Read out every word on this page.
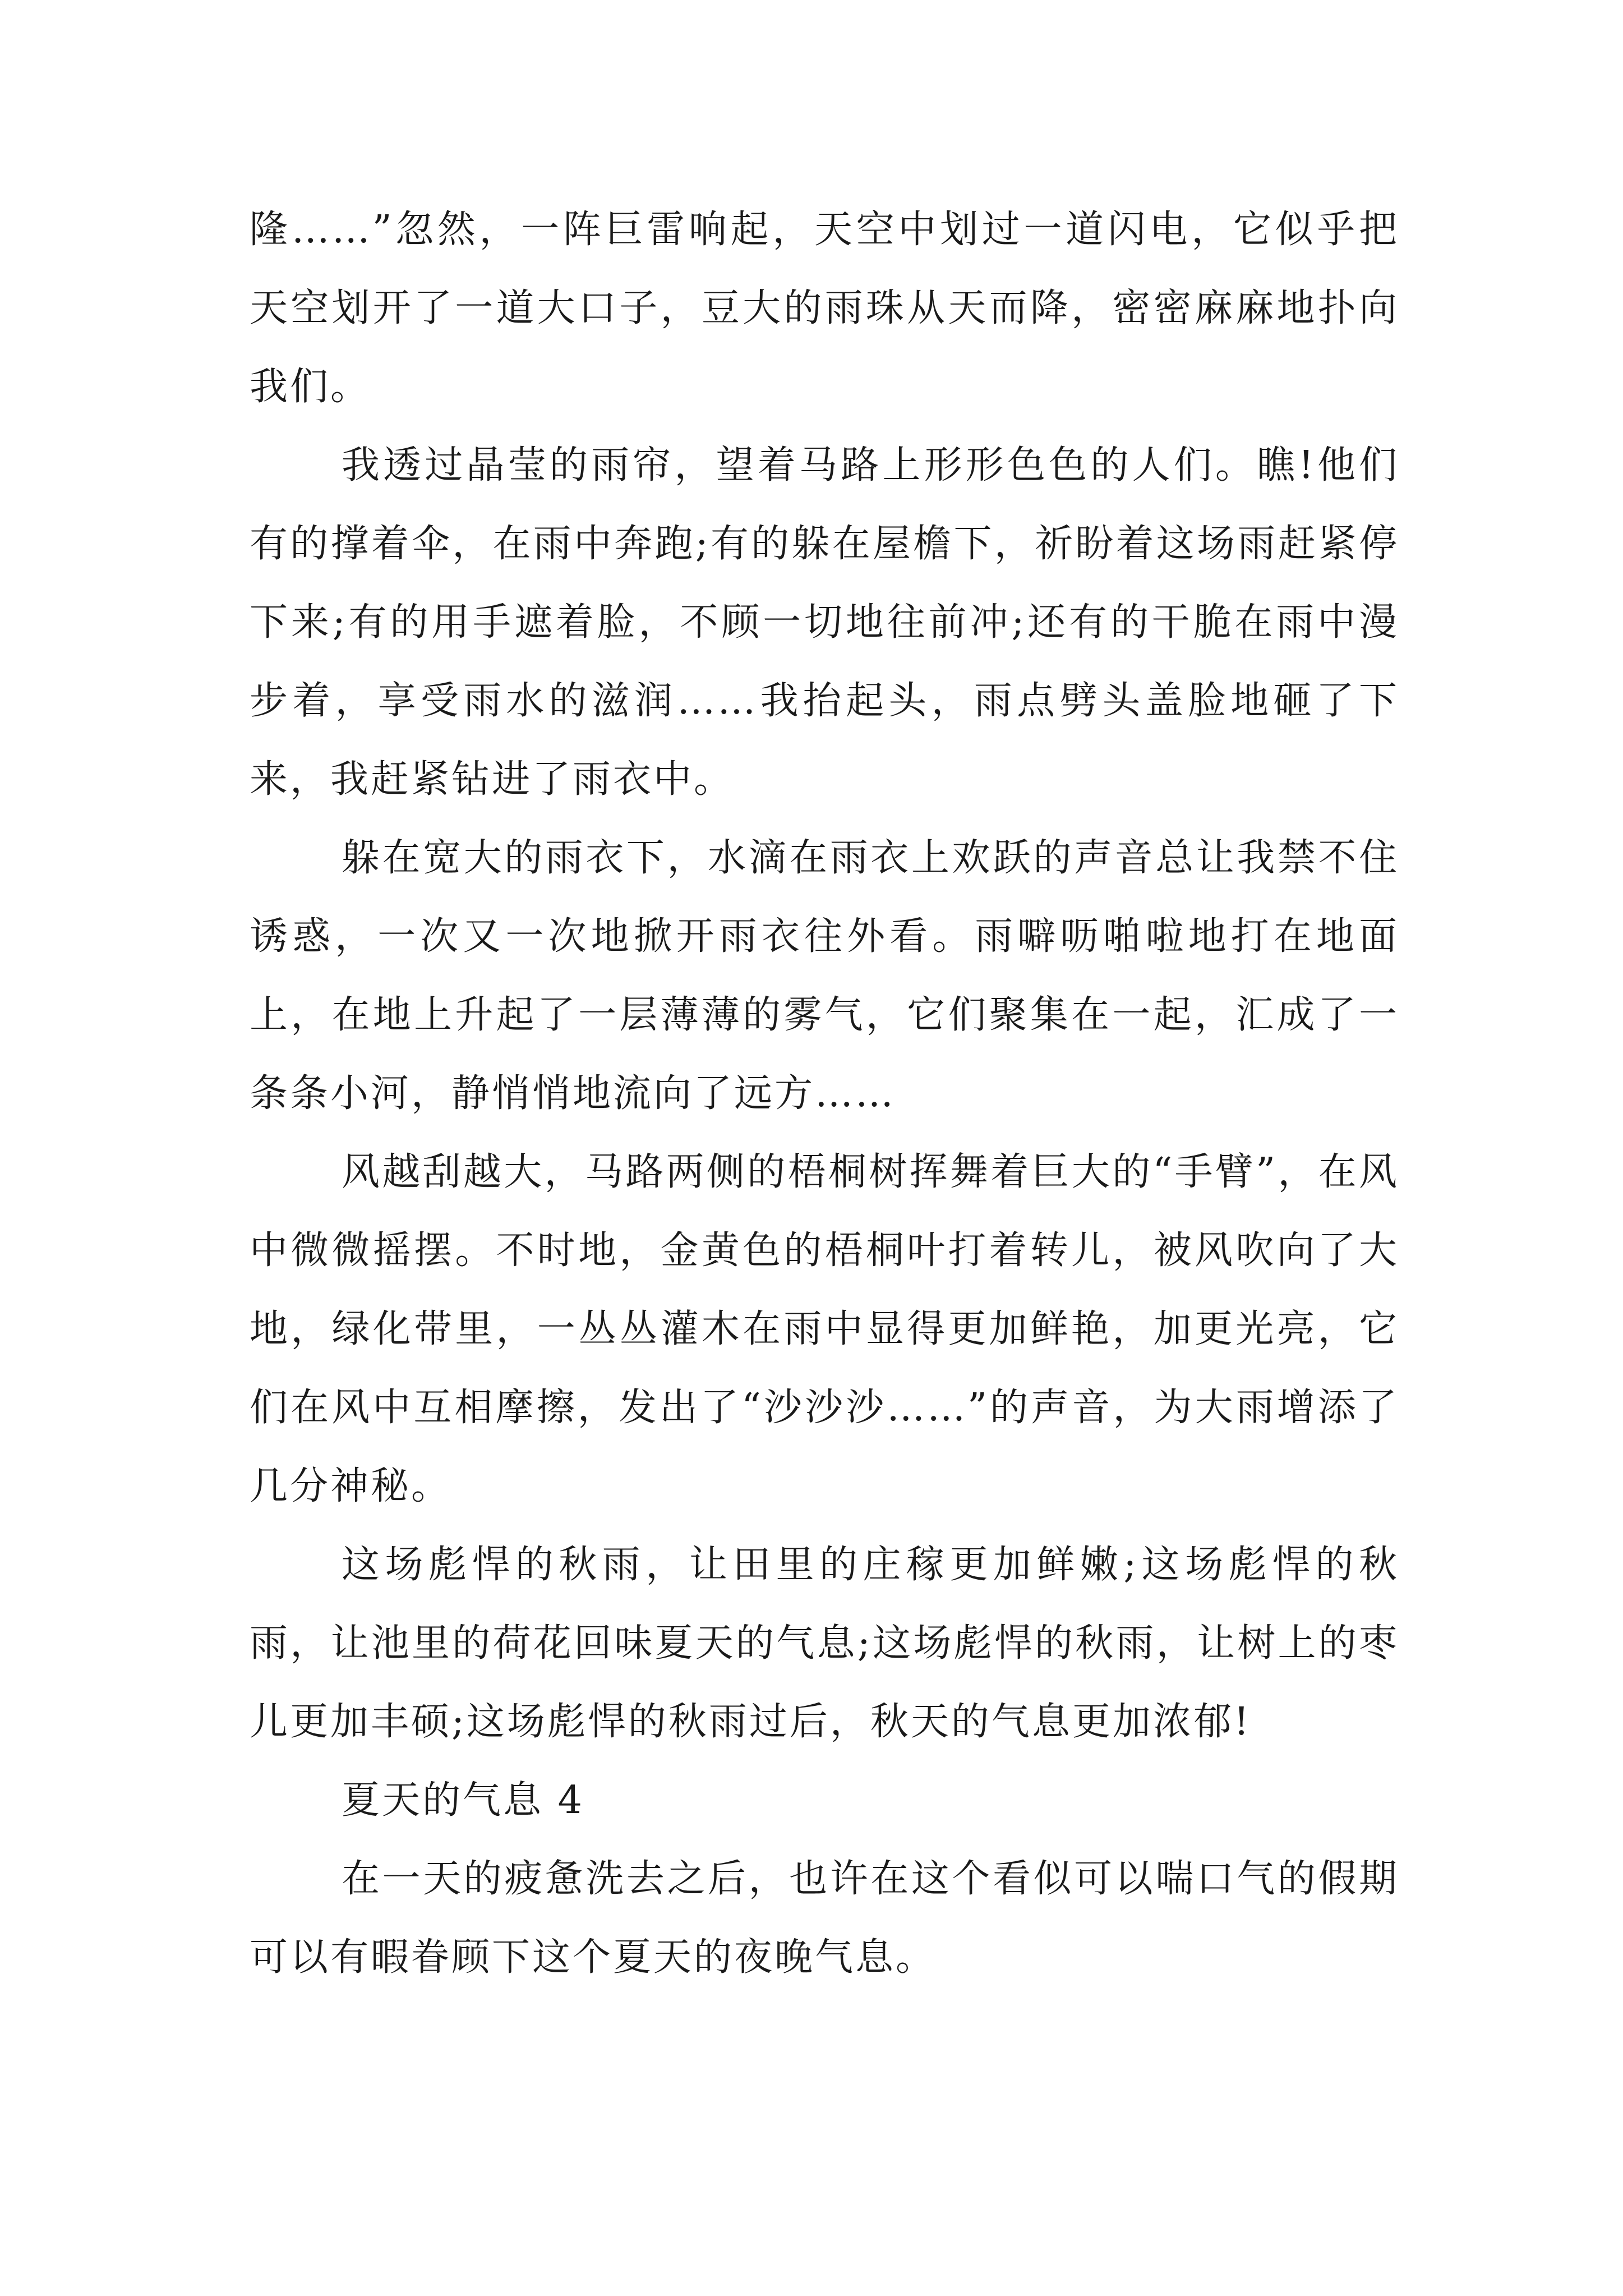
隆……”忽然，一阵巨雷响起，天空中划过一道闪电，它似乎把天空划开了一道大口子，豆大的雨珠从天而降，密密麻麻地扑向我们。

我透过晶莹的雨帘，望着马路上形形色色的人们。瞧!他们有的撑着伞，在雨中奔跑;有的躲在屋檐下，祈盼着这场雨赶紧停下来;有的用手遮着脸，不顾一切地往前冲;还有的干脆在雨中漫步着，享受雨水的滋润……我抬起头，雨点劈头盖脸地砸了下来，我赶紧钻进了雨衣中。

躲在宽大的雨衣下，水滴在雨衣上欢跃的声音总让我禁不住诱惑，一次又一次地掀开雨衣往外看。雨噼呖啪啦地打在地面上，在地上升起了一层薄薄的雾气，它们聚集在一起，汇成了一条条小河，静悄悄地流向了远方……

风越刮越大，马路两侧的梧桐树挥舞着巨大的“手臂”，在风中微微摇摆。不时地，金黄色的梧桐叶打着转儿，被风吹向了大地，绿化带里，一丛丛灌木在雨中显得更加鲜艳，加更光亮，它们在风中互相摩擦，发出了“沙沙沙……”的声音，为大雨增添了几分神秘。

这场彪悍的秋雨，让田里的庄稼更加鲜嫩;这场彪悍的秋雨，让池里的荷花回味夏天的气息;这场彪悍的秋雨，让树上的枣儿更加丰硕;这场彪悍的秋雨过后，秋天的气息更加浓郁!

夏天的气息 4

在一天的疲惫洗去之后，也许在这个看似可以喘口气的假期可以有暇眷顾下这个夏天的夜晚气息。
